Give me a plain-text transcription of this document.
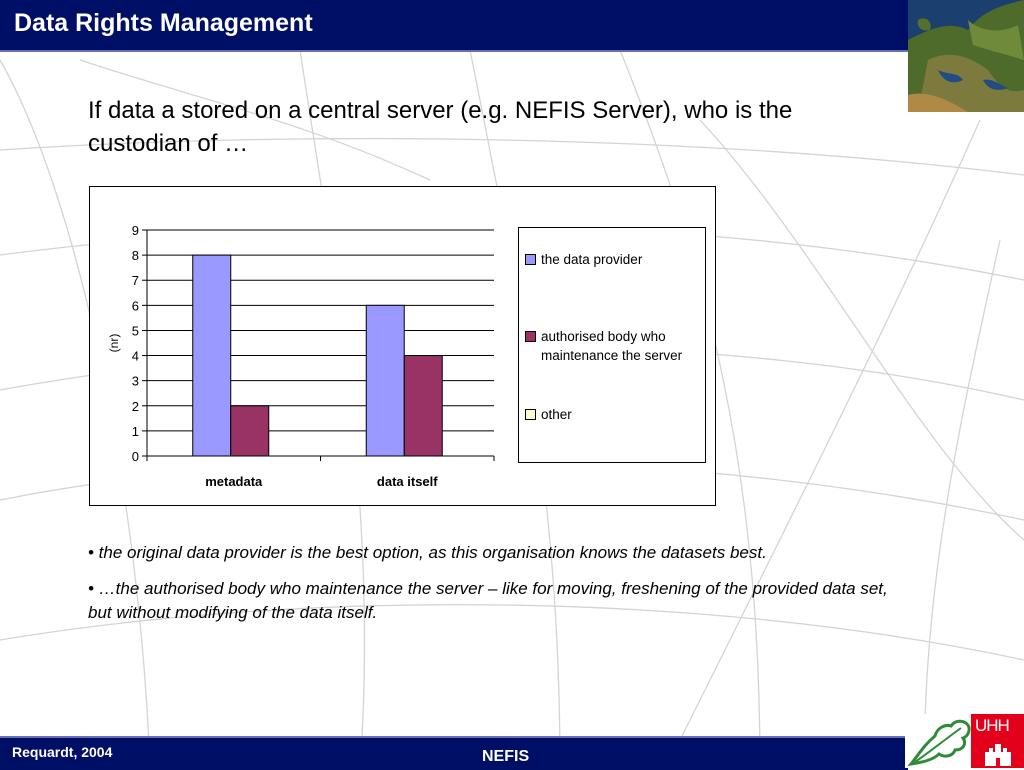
Data Rights Management
If data a stored on a central server (e.g. NEFIS Server), who is the custodian of …
0
1
2
3
4
5
6
7
8
9
(nr)
metadata	data itself
the data provider
authorised body who maintenance the server
other

• the original data provider is the best option, as this organisation knows the datasets best.

• …the authorised body who maintenance the server – like for moving, freshening of the provided data set, but without modifying of the data itself.

Requardt, 2004	NEFIS
UHH
